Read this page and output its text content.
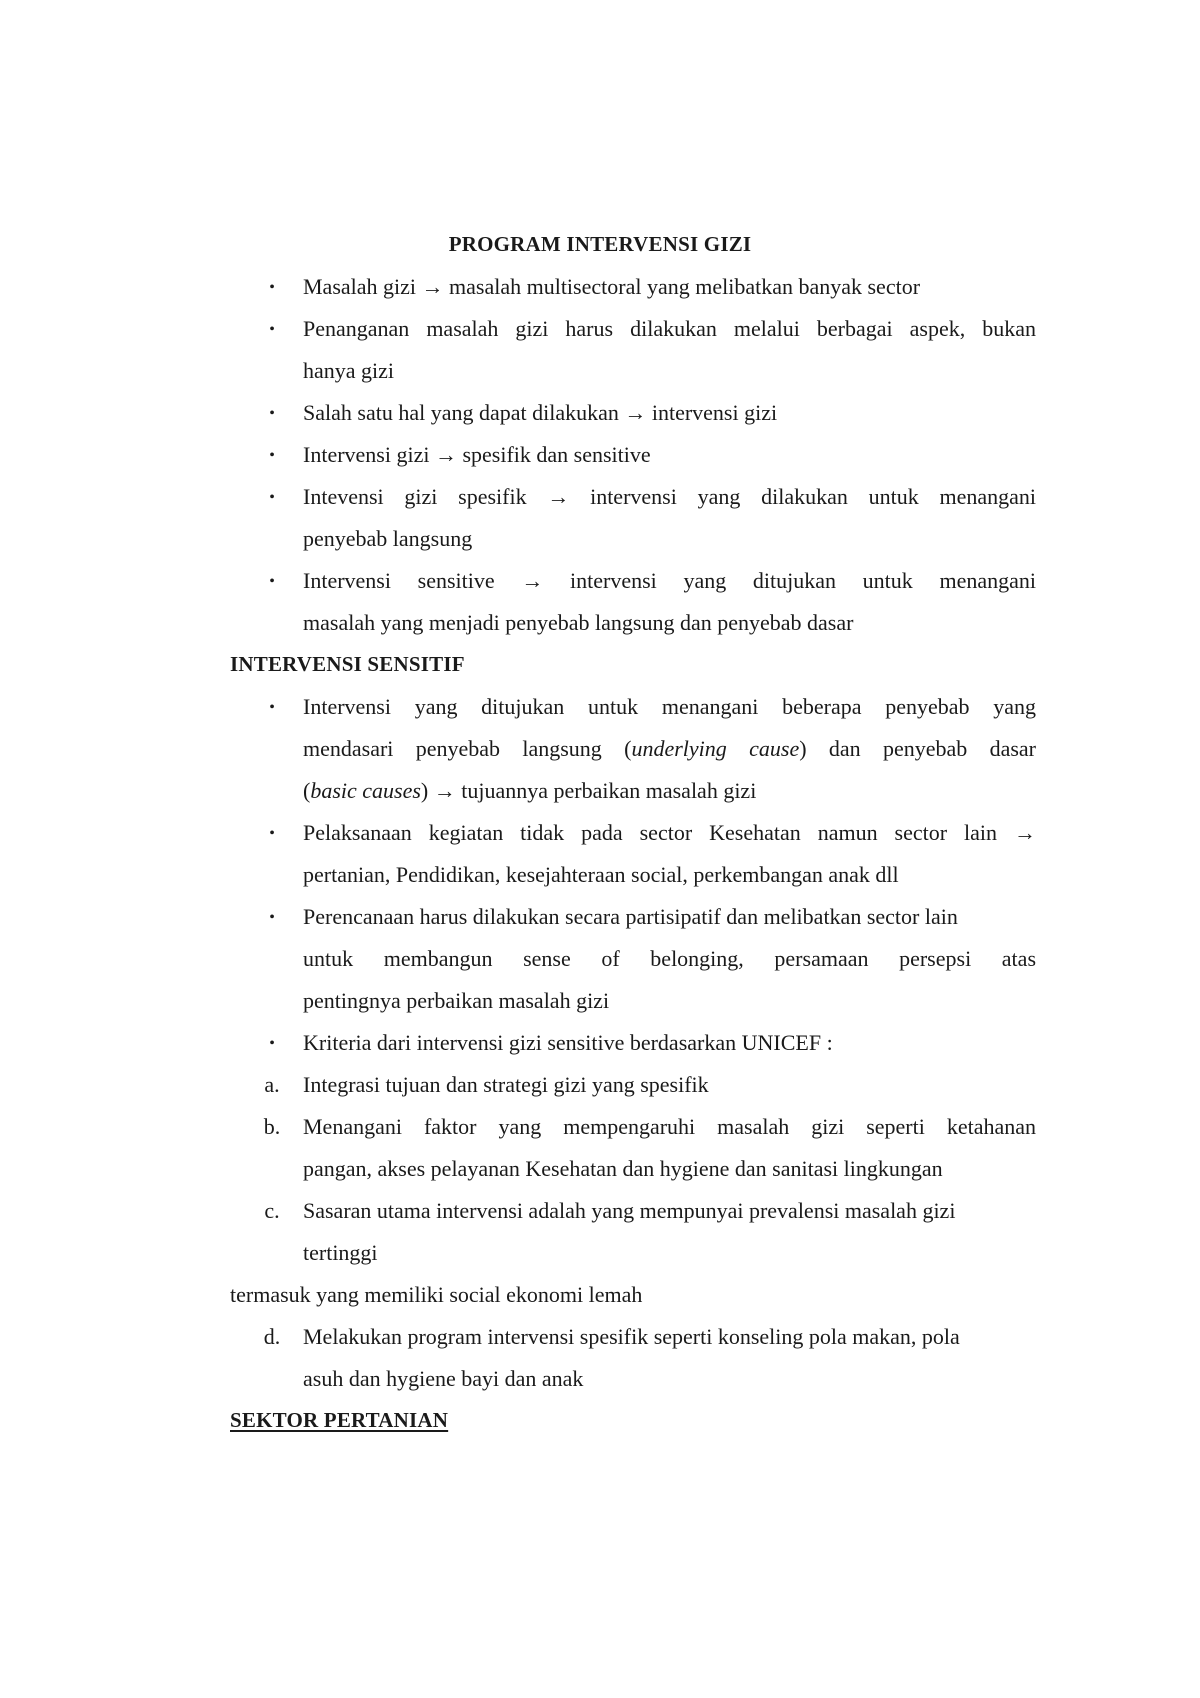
PROGRAM INTERVENSI GIZI
•	Masalah gizi → masalah multisectoral yang melibatkan banyak sector
•	Penanganan masalah gizi harus dilakukan melalui berbagai aspek, bukan
hanya gizi
•	Salah satu hal yang dapat dilakukan → intervensi gizi
•	Intervensi gizi → spesifik dan sensitive
•	Intevensi gizi spesifik → intervensi yang dilakukan untuk menangani
penyebab langsung
•	Intervensi sensitive → intervensi yang ditujukan untuk menangani
masalah yang menjadi penyebab langsung dan penyebab dasar
INTERVENSI SENSITIF
•	Intervensi yang ditujukan untuk menangani beberapa penyebab yang
mendasari penyebab langsung (underlying cause) dan penyebab dasar
(basic causes) → tujuannya perbaikan masalah gizi
•	Pelaksanaan kegiatan tidak pada sector Kesehatan namun sector lain →
pertanian, Pendidikan, kesejahteraan social, perkembangan anak dll
•	Perencanaan harus dilakukan secara partisipatif dan melibatkan sector lain
untuk membangun sense of belonging, persamaan persepsi atas
pentingnya perbaikan masalah gizi
•	Kriteria dari intervensi gizi sensitive berdasarkan UNICEF :
a.	Integrasi tujuan dan strategi gizi yang spesifik
b.	Menangani faktor yang mempengaruhi masalah gizi seperti ketahanan
pangan, akses pelayanan Kesehatan dan hygiene dan sanitasi lingkungan
c.	Sasaran utama intervensi adalah yang mempunyai prevalensi masalah gizi
tertinggi
termasuk yang memiliki social ekonomi lemah
d.	Melakukan program intervensi spesifik seperti konseling pola makan, pola
asuh dan hygiene bayi dan anak
SEKTOR PERTANIAN
